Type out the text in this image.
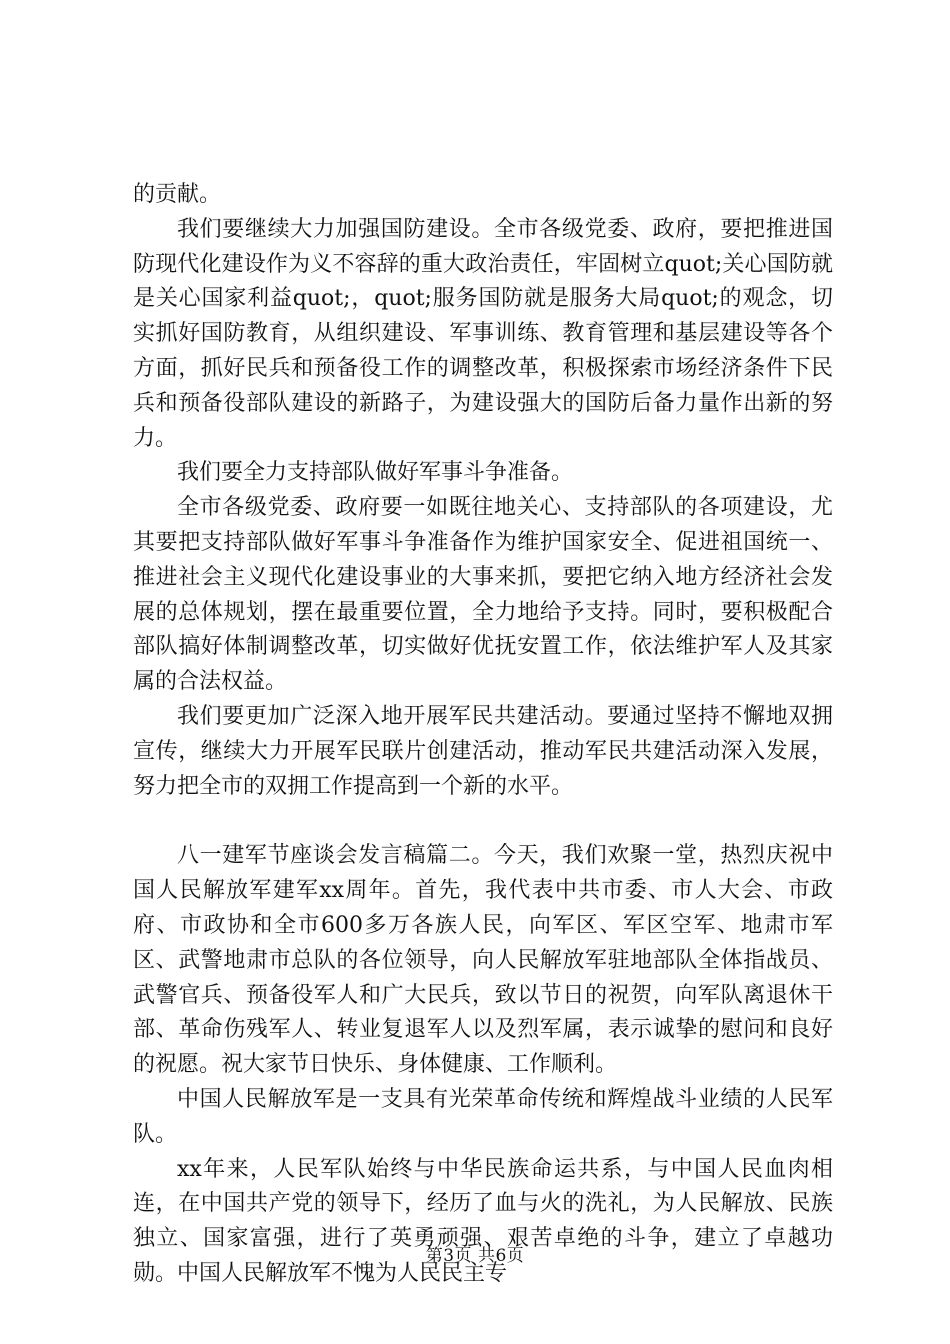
的贡献。

我们要继续大力加强国防建设。全市各级党委、政府，要把推进国防现代化建设作为义不容辞的重大政治责任，牢固树立quot;关心国防就是关心国家利益quot;，quot;服务国防就是服务大局quot;的观念，切实抓好国防教育，从组织建设、军事训练、教育管理和基层建设等各个方面，抓好民兵和预备役工作的调整改革，积极探索市场经济条件下民兵和预备役部队建设的新路子，为建设强大的国防后备力量作出新的努力。

我们要全力支持部队做好军事斗争准备。

全市各级党委、政府要一如既往地关心、支持部队的各项建设，尤其要把支持部队做好军事斗争准备作为维护国家安全、促进祖国统一、推进社会主义现代化建设事业的大事来抓，要把它纳入地方经济社会发展的总体规划，摆在最重要位置，全力地给予支持。同时，要积极配合部队搞好体制调整改革，切实做好优抚安置工作，依法维护军人及其家属的合法权益。

我们要更加广泛深入地开展军民共建活动。要通过坚持不懈地双拥宣传，继续大力开展军民联片创建活动，推动军民共建活动深入发展，努力把全市的双拥工作提高到一个新的水平。

八一建军节座谈会发言稿篇二。今天，我们欢聚一堂，热烈庆祝中国人民解放军建军xx周年。首先，我代表中共市委、市人大会、市政府、市政协和全市600多万各族人民，向军区、军区空军、地肃市军区、武警地肃市总队的各位领导，向人民解放军驻地部队全体指战员、武警官兵、预备役军人和广大民兵，致以节日的祝贺，向军队离退休干部、革命伤残军人、转业复退军人以及烈军属，表示诚挚的慰问和良好的祝愿。祝大家节日快乐、身体健康、工作顺利。

中国人民解放军是一支具有光荣革命传统和辉煌战斗业绩的人民军队。

xx年来，人民军队始终与中华民族命运共系，与中国人民血肉相连，在中国共产党的领导下，经历了血与火的洗礼，为人民解放、民族独立、国家富强，进行了英勇顽强、艰苦卓绝的斗争，建立了卓越功勋。中国人民解放军不愧为人民民主专

第3页 共6页
